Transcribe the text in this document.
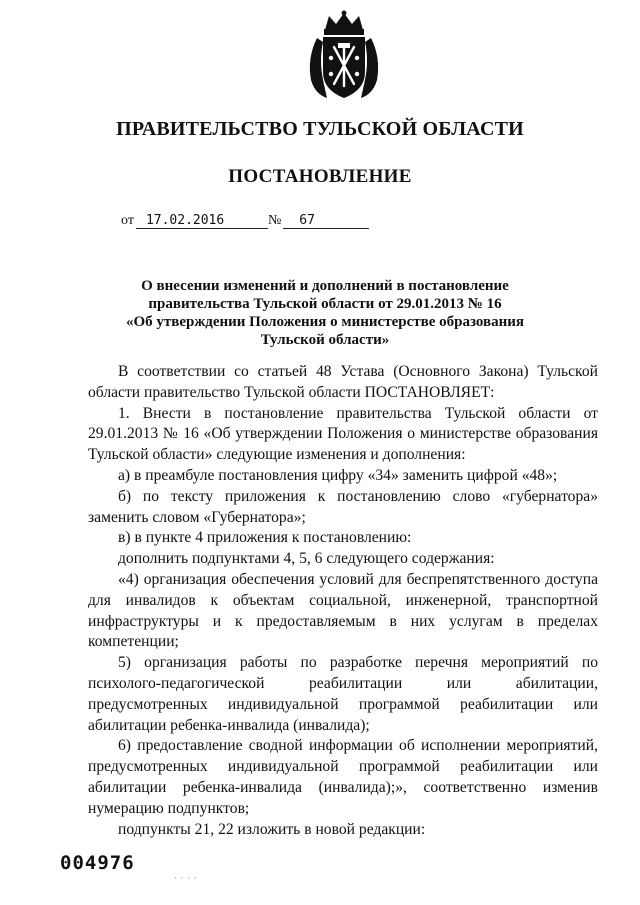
ПРАВИТЕЛЬСТВО ТУЛЬСКОЙ ОБЛАСТИ
ПОСТАНОВЛЕНИЕ
от 17.02.2016	№ 67
О внесении изменений и дополнений в постановление
правительства Тульской области от 29.01.2013 № 16
«Об утверждении Положения о министерстве образования
Тульской области»

В соответствии со статьей 48 Устава (Основного Закона) Тульской области правительство Тульской области ПОСТАНОВЛЯЕТ:

1. Внести в постановление правительства Тульской области от 29.01.2013 № 16 «Об утверждении Положения о министерстве образования Тульской области» следующие изменения и дополнения:

а) в преамбуле постановления цифру «34» заменить цифрой «48»;

б) по тексту приложения к постановлению слово «губернатора» заменить словом «Губернатора»;

в) в пункте 4 приложения к постановлению:

дополнить подпунктами 4, 5, 6 следующего содержания:

«4) организация обеспечения условий для беспрепятственного доступа для инвалидов к объектам социальной, инженерной, транспортной инфраструктуры и к предоставляемым в них услугам в пределах компетенции;

5) организация работы по разработке перечня мероприятий по психолого-педагогической реабилитации или абилитации, предусмотренных индивидуальной программой реабилитации или абилитации ребенка-инвалида (инвалида);

6) предоставление сводной информации об исполнении мероприятий, предусмотренных индивидуальной программой реабилитации или абилитации ребенка-инвалида (инвалида);», соответственно изменив нумерацию подпунктов;

подпункты 21, 22 изложить в новой редакции:

004976
· · · ·
